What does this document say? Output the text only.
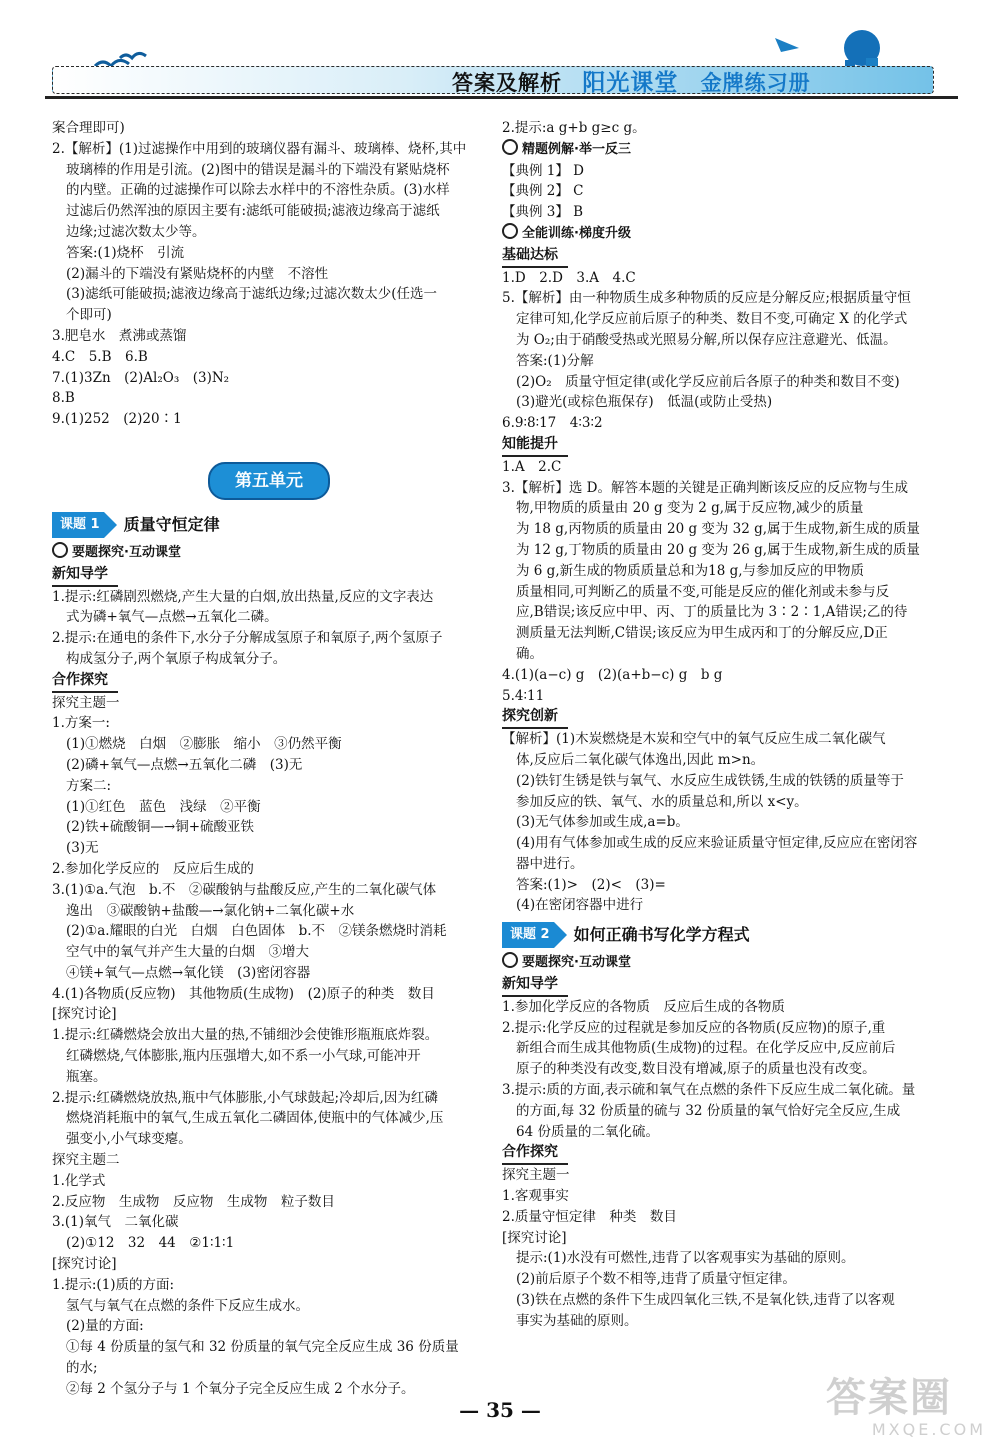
答案及解析 阳光课堂 金牌练习册
案合理即可)
2.【解析】(1)过滤操作中用到的玻璃仪器有漏斗、玻璃棒、烧杯,其中
玻璃棒的作用是引流。(2)图中的错误是漏斗的下端没有紧贴烧杯
的内壁。正确的过滤操作可以除去水样中的不溶性杂质。(3)水样
过滤后仍然浑浊的原因主要有:滤纸可能破损;滤液边缘高于滤纸
边缘;过滤次数太少等。
答案:(1)烧杯　引流
(2)漏斗的下端没有紧贴烧杯的内壁　不溶性
(3)滤纸可能破损;滤液边缘高于滤纸边缘;过滤次数太少(任选一
个即可)
3.肥皂水　煮沸或蒸馏
4.C　5.B　6.B
7.(1)3Zn　(2)Al₂O₃　(3)N₂
8.B
9.(1)252　(2)20∶1
第五单元
课题 1 质量守恒定律
要题探究·互动课堂
新知导学
1.提示:红磷剧烈燃烧,产生大量的白烟,放出热量,反应的文字表达
式为磷+氧气—点燃→五氧化二磷。
2.提示:在通电的条件下,水分子分解成氢原子和氧原子,两个氢原子
构成氢分子,两个氧原子构成氧分子。
合作探究
探究主题一
1.方案一:
(1)①燃烧　白烟　②膨胀　缩小　③仍然平衡
(2)磷+氧气—点燃→五氧化二磷　(3)无
方案二:
(1)①红色　蓝色　浅绿　②平衡
(2)铁+硫酸铜—→铜+硫酸亚铁
(3)无
2.参加化学反应的　反应后生成的
3.(1)①a.气泡　b.不　②碳酸钠与盐酸反应,产生的二氧化碳气体
逸出　③碳酸钠+盐酸—→氯化钠+二氧化碳+水
(2)①a.耀眼的白光　白烟　白色固体　b.不　②镁条燃烧时消耗
空气中的氧气并产生大量的白烟　③增大
④镁+氧气—点燃→氧化镁　(3)密闭容器
4.(1)各物质(反应物)　其他物质(生成物)　(2)原子的种类　数目
[探究讨论]
1.提示:红磷燃烧会放出大量的热,不铺细沙会使锥形瓶瓶底炸裂。
红磷燃烧,气体膨胀,瓶内压强增大,如不系一小气球,可能冲开
瓶塞。
2.提示:红磷燃烧放热,瓶中气体膨胀,小气球鼓起;冷却后,因为红磷
燃烧消耗瓶中的氧气,生成五氧化二磷固体,使瓶中的气体减少,压
强变小,小气球变瘪。
探究主题二
1.化学式
2.反应物　生成物　反应物　生成物　粒子数目
3.(1)氧气　二氧化碳
(2)①12　32　44　②1∶1∶1
[探究讨论]
1.提示:(1)质的方面:
氢气与氧气在点燃的条件下反应生成水。
(2)量的方面:
①每 4 份质量的氢气和 32 份质量的氧气完全反应生成 36 份质量
的水;
②每 2 个氢分子与 1 个氧分子完全反应生成 2 个水分子。
2.提示:a g+b g≥c g。
精题例解·举一反三
【典例 1】 D
【典例 2】 C
【典例 3】 B
全能训练·梯度升级
基础达标
1.D　2.D　3.A　4.C
5.【解析】由一种物质生成多种物质的反应是分解反应;根据质量守恒
定律可知,化学反应前后原子的种类、数目不变,可确定 X 的化学式
为 O₂;由于硝酸受热或光照易分解,所以保存应注意避光、低温。
答案:(1)分解
(2)O₂　质量守恒定律(或化学反应前后各原子的种类和数目不变)
(3)避光(或棕色瓶保存)　低温(或防止受热)
6.9∶8∶17　4∶3∶2
知能提升
1.A　2.C
3.【解析】选 D。解答本题的关键是正确判断该反应的反应物与生成
物,甲物质的质量由 20 g 变为 2 g,属于反应物,减少的质量
为 18 g,丙物质的质量由 20 g 变为 32 g,属于生成物,新生成的质量
为 12 g,丁物质的质量由 20 g 变为 26 g,属于生成物,新生成的质量
为 6 g,新生成的物质质量总和为18 g,与参加反应的甲物质
质量相同,可判断乙的质量不变,可能是反应的催化剂或未参与反
应,B错误;该反应中甲、丙、丁的质量比为 3∶2∶1,A错误;乙的待
测质量无法判断,C错误;该反应为甲生成丙和丁的分解反应,D正
确。
4.(1)(a−c) g　(2)(a+b−c) g　b g
5.4∶11
探究创新
【解析】(1)木炭燃烧是木炭和空气中的氧气反应生成二氧化碳气
体,反应后二氧化碳气体逸出,因此 m>n。
(2)铁钉生锈是铁与氧气、水反应生成铁锈,生成的铁锈的质量等于
参加反应的铁、氧气、水的质量总和,所以 x<y。
(3)无气体参加或生成,a=b。
(4)用有气体参加或生成的反应来验证质量守恒定律,反应应在密闭容
器中进行。
答案:(1)>　(2)<　(3)=
(4)在密闭容器中进行
课题 2 如何正确书写化学方程式
要题探究·互动课堂
新知导学
1.参加化学反应的各物质　反应后生成的各物质
2.提示:化学反应的过程就是参加反应的各物质(反应物)的原子,重
新组合而生成其他物质(生成物)的过程。在化学反应中,反应前后
原子的种类没有改变,数目没有增减,原子的质量也没有改变。
3.提示:质的方面,表示硫和氧气在点燃的条件下反应生成二氧化硫。量
的方面,每 32 份质量的硫与 32 份质量的氧气恰好完全反应,生成
64 份质量的二氧化硫。
合作探究
探究主题一
1.客观事实
2.质量守恒定律　种类　数目
[探究讨论]
提示:(1)水没有可燃性,违背了以客观事实为基础的原则。
(2)前后原子个数不相等,违背了质量守恒定律。
(3)铁在点燃的条件下生成四氧化三铁,不是氧化铁,违背了以客观
事实为基础的原则。
— 35 —	答案圈
MXQE.COM
